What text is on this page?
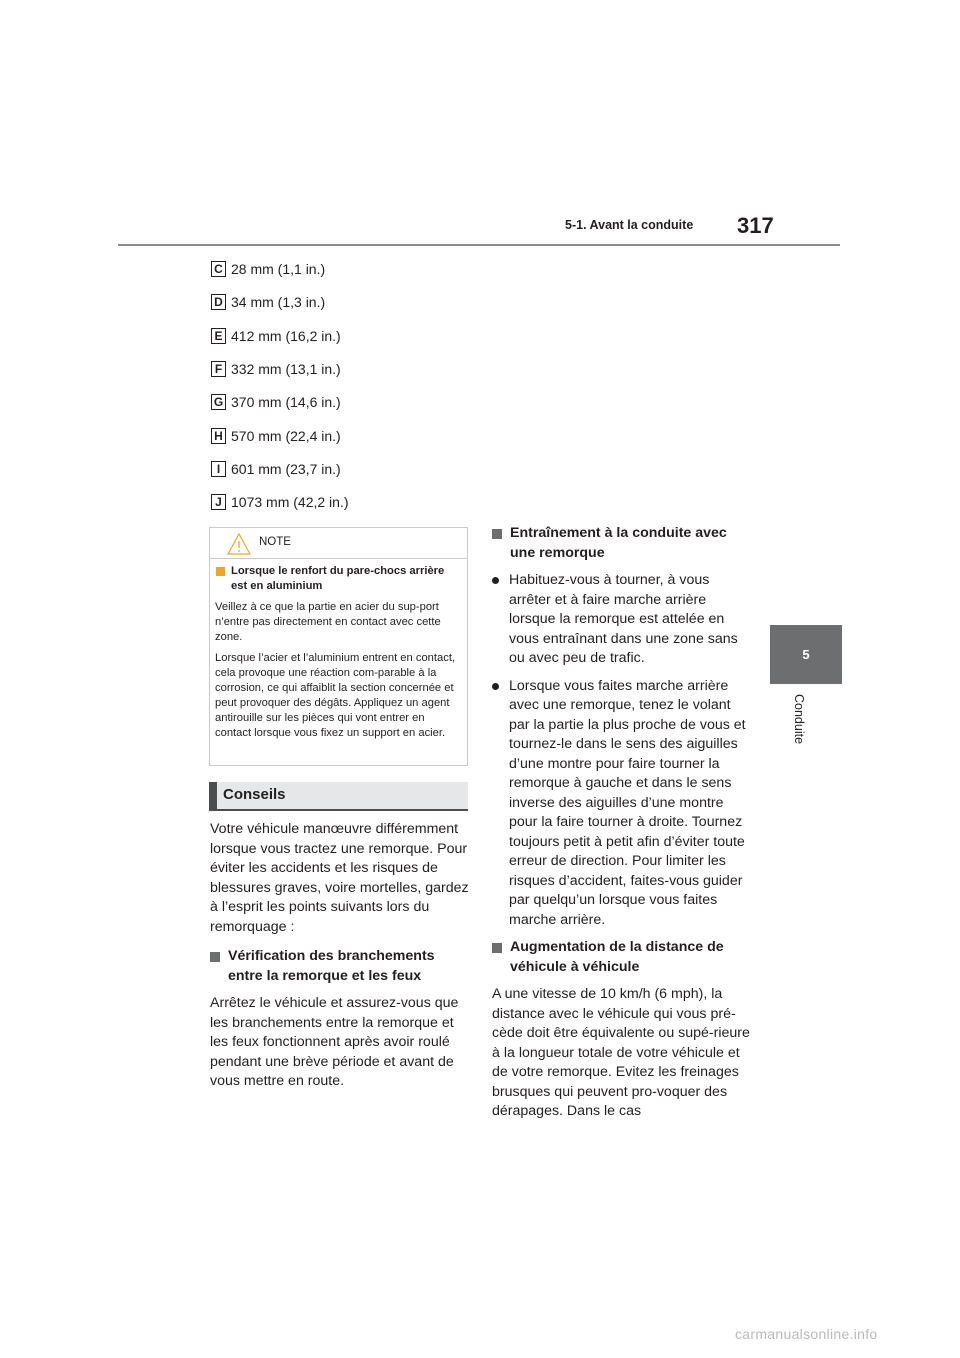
5-1. Avant la conduite 317
5
Conduite
C 28 mm (1,1 in.)
D 34 mm (1,3 in.)
E 412 mm (16,2 in.)
F 332 mm (13,1 in.)
G 370 mm (14,6 in.)
H 570 mm (22,4 in.)
I 601 mm (23,7 in.)
J 1073 mm (42,2 in.)
NOTE
Lorsque le renfort du pare-chocs arrière est en aluminium
Veillez à ce que la partie en acier du sup-port n’entre pas directement en contact avec cette zone.
Lorsque l’acier et l’aluminium entrent en contact, cela provoque une réaction com-parable à la corrosion, ce qui affaiblit la section concernée et peut provoquer des dégâts. Appliquez un agent antirouille sur les pièces qui vont entrer en contact lorsque vous fixez un support en acier.
Conseils
Votre véhicule manœuvre différemment lorsque vous tractez une remorque. Pour éviter les accidents et les risques de blessures graves, voire mortelles, gardez à l’esprit les points suivants lors du remorquage :
Vérification des branchements entre la remorque et les feux
Arrêtez le véhicule et assurez-vous que les branchements entre la remorque et les feux fonctionnent après avoir roulé pendant une brève période et avant de vous mettre en route.
Entraînement à la conduite avec une remorque
Habituez-vous à tourner, à vous arrêter et à faire marche arrière lorsque la remorque est attelée en vous entraînant dans une zone sans ou avec peu de trafic.
Lorsque vous faites marche arrière avec une remorque, tenez le volant par la partie la plus proche de vous et tournez-le dans le sens des aiguilles d’une montre pour faire tourner la remorque à gauche et dans le sens inverse des aiguilles d’une montre pour la faire tourner à droite. Tournez toujours petit à petit afin d’éviter toute erreur de direction. Pour limiter les risques d’accident, faites-vous guider par quelqu’un lorsque vous faites marche arrière.
Augmentation de la distance de véhicule à véhicule
A une vitesse de 10 km/h (6 mph), la distance avec le véhicule qui vous pré-cède doit être équivalente ou supé-rieure à la longueur totale de votre véhicule et de votre remorque. Evitez les freinages brusques qui peuvent pro-voquer des dérapages. Dans le cas
carmanualsonline.info
